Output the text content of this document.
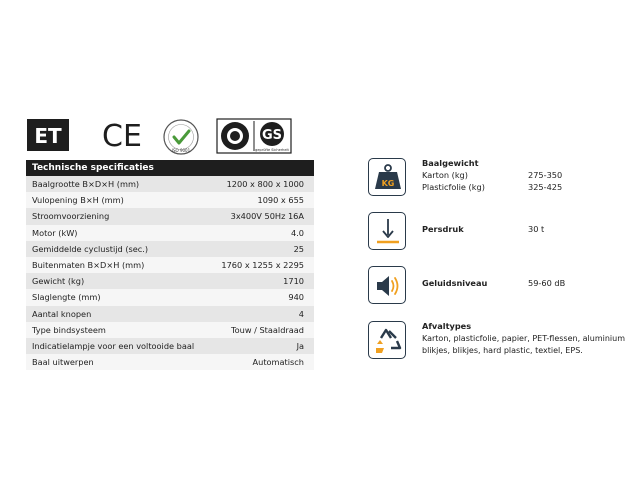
ET CE	ISO 9001
GS
geprüfte Sicherheit
Technische specificaties	
Baalgrootte B×D×H (mm)	1200 x 800 x 1000
Vulopening B×H (mm)	1090 x 655
Stroomvoorziening	3x400V 50Hz 16A
Motor (kW)	4.0
Gemiddelde cyclustijd (sec.)	25
Buitenmaten B×D×H (mm)	1760 x 1255 x 2295
Gewicht (kg)	1710
Slaglengte (mm)	940
Aantal knopen	4
Type bindsysteem	Touw / Staaldraad
Indicatielampje voor een voltooide baal	Ja
Baal uitwerpen	Automatisch
KG
Baalgewicht
Karton (kg)	275-350
Plasticfolie (kg)	325-425
Persdruk	30 t
Geluidsniveau	59-60 dB
Afvaltypes
Karton, plasticfolie, papier, PET-flessen, aluminium blikjes, blikjes, hard plastic, textiel, EPS.
